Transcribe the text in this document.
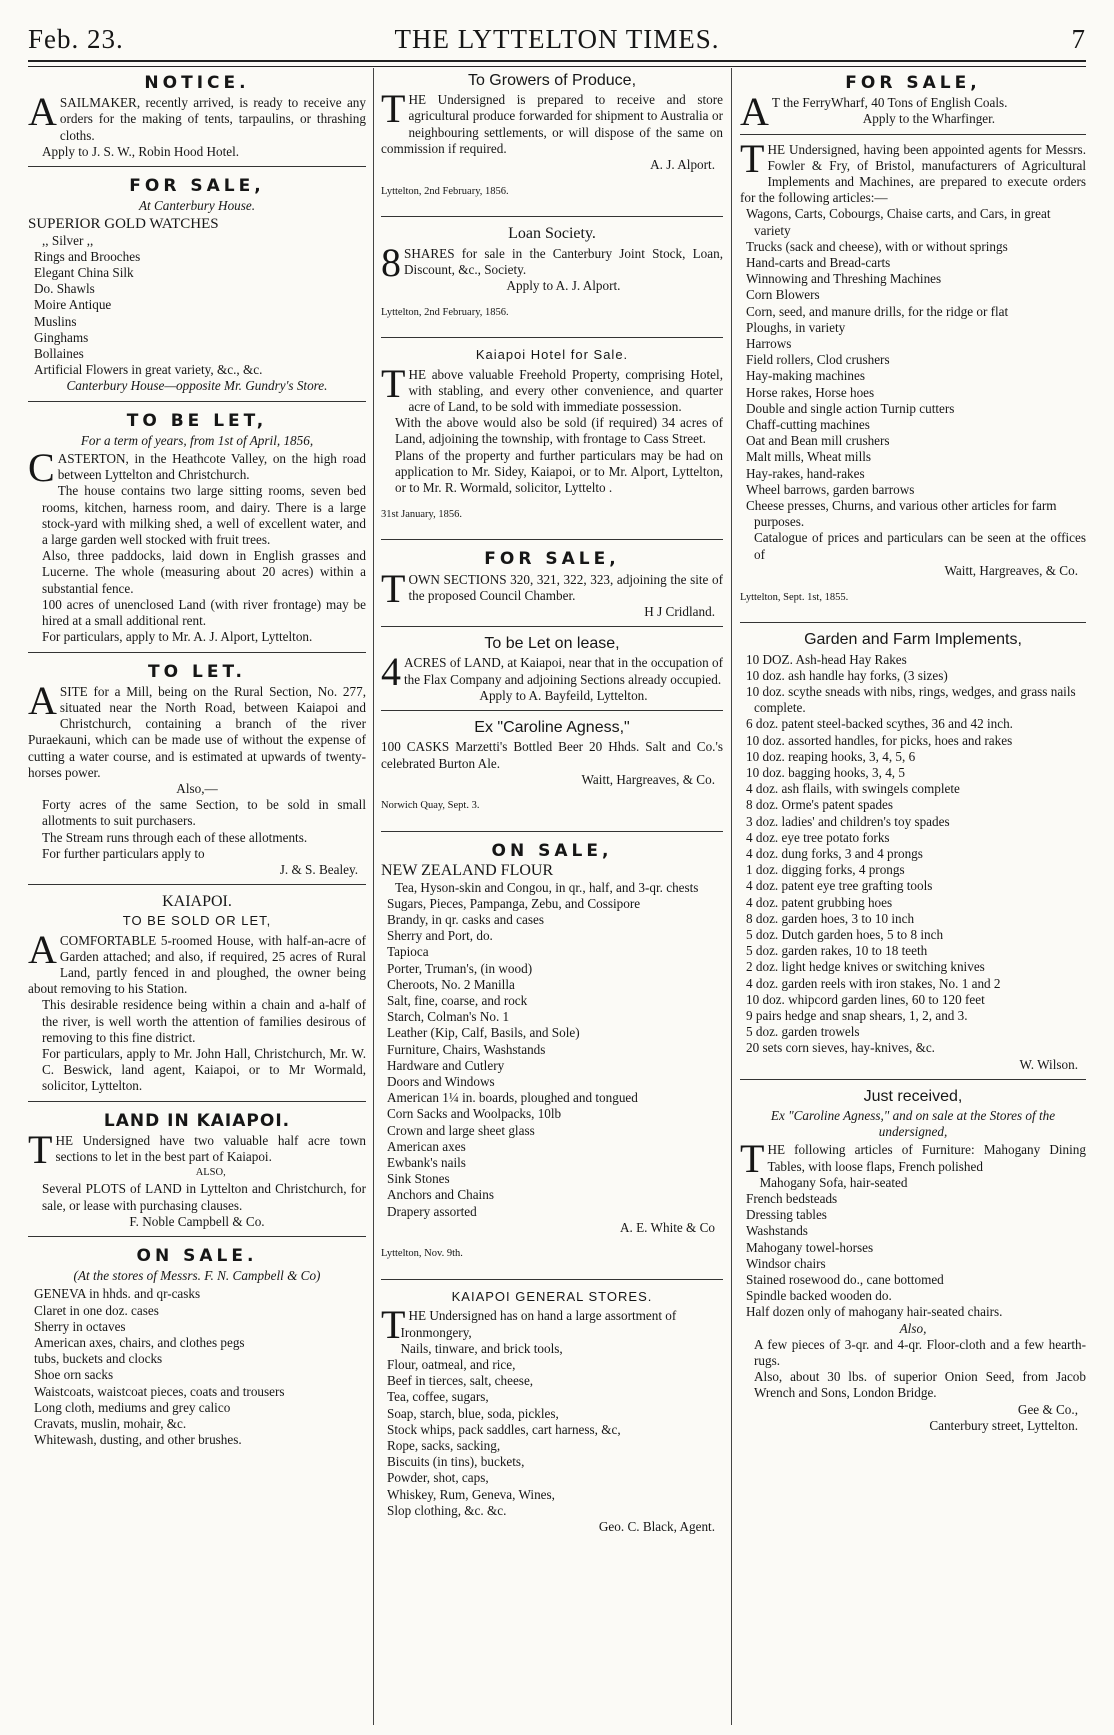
Feb. 23.	THE LYTTELTON TIMES.	7
NOTICE.

ASAILMAKER, recently arrived, is ready to receive any orders for the making of tents, tarpaulins, or thrashing cloths.

Apply to J. S. W., Robin Hood Hotel.

FOR SALE,
At Canterbury House.
SUPERIOR GOLD WATCHES
,, Silver ,,
Rings and Brooches
Elegant China Silk
Do. Shawls
Moire Antique
Muslins
Ginghams
Bollaines
Artificial Flowers in great variety, &c., &c.

Canterbury House—opposite Mr. Gundry's Store.

TO BE LET,
For a term of years, from 1st of April, 1856,

CASTERTON, in the Heathcote Valley, on the high road between Lyttelton and Christchurch.

The house contains two large sitting rooms, seven bed rooms, kitchen, harness room, and dairy. There is a large stock-yard with milking shed, a well of excellent water, and a large garden well stocked with fruit trees.

Also, three paddocks, laid down in English grasses and Lucerne. The whole (measuring about 20 acres) within a substantial fence.

100 acres of unenclosed Land (with river frontage) may be hired at a small additional rent.

For particulars, apply to Mr. A. J. Alport, Lyttelton.

TO LET.

ASITE for a Mill, being on the Rural Section, No. 277, situated near the North Road, between Kaiapoi and Christchurch, containing a branch of the river Puraekauni, which can be made use of without the expense of cutting a water course, and is estimated at upwards of twenty-horses power.

Also,—

Forty acres of the same Section, to be sold in small allotments to suit purchasers.

The Stream runs through each of these allotments.

For further particulars apply to

J. & S. Bealey.

KAIAPOI.
TO BE SOLD OR LET,

ACOMFORTABLE 5-roomed House, with half-an-acre of Garden attached; and also, if required, 25 acres of Rural Land, partly fenced in and ploughed, the owner being about removing to his Station.

This desirable residence being within a chain and a-half of the river, is well worth the attention of families desirous of removing to this fine district.

For particulars, apply to Mr. John Hall, Christchurch, Mr. W. C. Beswick, land agent, Kaiapoi, or to Mr Wormald, solicitor, Lyttelton.

LAND IN KAIAPOI.

THE Undersigned have two valuable half acre town sections to let in the best part of Kaiapoi.

ALSO,

Several PLOTS of LAND in Lyttelton and Christchurch, for sale, or lease with purchasing clauses.

F. Noble Campbell & Co.

ON SALE.
(At the stores of Messrs. F. N. Campbell & Co)
GENEVA in hhds. and qr-casks
Claret in one doz. cases
Sherry in octaves
American axes, chairs, and clothes pegs
tubs, buckets and clocks
Shoe orn sacks
Waistcoats, waistcoat pieces, coats and trousers
Long cloth, mediums and grey calico
Cravats, muslin, mohair, &c.
Whitewash, dusting, and other brushes.
To Growers of Produce,

THE Undersigned is prepared to receive and store agricultural produce forwarded for shipment to Australia or neighbouring settlements, or will dispose of the same on commission if required.

A. J. Alport.

Lyttelton, 2nd February, 1856.

Loan Society.

8SHARES for sale in the Canterbury Joint Stock, Loan, Discount, &c., Society.

Apply to A. J. Alport.

Lyttelton, 2nd February, 1856.

Kaiapoi Hotel for Sale.

THE above valuable Freehold Property, comprising Hotel, with stabling, and every other convenience, and quarter acre of Land, to be sold with immediate possession.

With the above would also be sold (if required) 34 acres of Land, adjoining the township, with frontage to Cass Street.

Plans of the property and further particulars may be had on application to Mr. Sidey, Kaiapoi, or to Mr. Alport, Lyttelton, or to Mr. R. Wormald, solicitor, Lyttelto .

31st January, 1856.

FOR SALE,

TOWN SECTIONS 320, 321, 322, 323, adjoining the site of the proposed Council Chamber.

H J Cridland.

To be Let on lease,

4ACRES of LAND, at Kaiapoi, near that in the occupation of the Flax Company and adjoining Sections already occupied.

Apply to A. Bayfeild, Lyttelton.

Ex "Caroline Agness,"

100 CASKS Marzetti's Bottled Beer 20 Hhds. Salt and Co.'s celebrated Burton Ale.

Waitt, Hargreaves, & Co.

Norwich Quay, Sept. 3.

ON SALE,
NEW ZEALAND FLOUR
Tea, Hyson-skin and Congou, in qr., half, and 3-qr. chests
Sugars, Pieces, Pampanga, Zebu, and Cossipore
Brandy, in qr. casks and cases
Sherry and Port, do.
Tapioca
Porter, Truman's, (in wood)
Cheroots, No. 2 Manilla
Salt, fine, coarse, and rock
Starch, Colman's No. 1
Leather (Kip, Calf, Basils, and Sole)
Furniture, Chairs, Washstands
Hardware and Cutlery
Doors and Windows
American 1¼ in. boards, ploughed and tongued
Corn Sacks and Woolpacks, 10lb
Crown and large sheet glass
American axes
Ewbank's nails
Sink Stones
Anchors and Chains
Drapery assorted

A. E. White & Co

Lyttelton, Nov. 9th.

KAIAPOI GENERAL STORES.

THE Undersigned has on hand a large assortment of

Ironmongery,
Nails, tinware, and brick tools,
Flour, oatmeal, and rice,
Beef in tierces, salt, cheese,
Tea, coffee, sugars,
Soap, starch, blue, soda, pickles,
Stock whips, pack saddles, cart harness, &c,
Rope, sacks, sacking,
Biscuits (in tins), buckets,
Powder, shot, caps,
Whiskey, Rum, Geneva, Wines,
Slop clothing, &c. &c.

Geo. C. Black, Agent.

FOR SALE,

AT the FerryWharf, 40 Tons of English Coals.

Apply to the Wharfinger.

THE Undersigned, having been appointed agents for Messrs. Fowler & Fry, of Bristol, manufacturers of Agricultural Implements and Machines, are prepared to execute orders for the following articles:—

Wagons, Carts, Cobourgs, Chaise carts, and Cars, in great variety
Trucks (sack and cheese), with or without springs
Hand-carts and Bread-carts
Winnowing and Threshing Machines
Corn Blowers
Corn, seed, and manure drills, for the ridge or flat
Ploughs, in variety
Harrows
Field rollers, Clod crushers
Hay-making machines
Horse rakes, Horse hoes
Double and single action Turnip cutters
Chaff-cutting machines
Oat and Bean mill crushers
Malt mills, Wheat mills
Hay-rakes, hand-rakes
Wheel barrows, garden barrows
Cheese presses, Churns, and various other articles for farm purposes.

Catalogue of prices and particulars can be seen at the offices of

Waitt, Hargreaves, & Co.

Lyttelton, Sept. 1st, 1855.

Garden and Farm Implements,
10 DOZ. Ash-head Hay Rakes
10 doz. ash handle hay forks, (3 sizes)
10 doz. scythe sneads with nibs, rings, wedges, and grass nails complete.
6 doz. patent steel-backed scythes, 36 and 42 inch.
10 doz. assorted handles, for picks, hoes and rakes
10 doz. reaping hooks, 3, 4, 5, 6
10 doz. bagging hooks, 3, 4, 5
4 doz. ash flails, with swingels complete
8 doz. Orme's patent spades
3 doz. ladies' and children's toy spades
4 doz. eye tree potato forks
4 doz. dung forks, 3 and 4 prongs
1 doz. digging forks, 4 prongs
4 doz. patent eye tree grafting tools
4 doz. patent grubbing hoes
8 doz. garden hoes, 3 to 10 inch
5 doz. Dutch garden hoes, 5 to 8 inch
5 doz. garden rakes, 10 to 18 teeth
2 doz. light hedge knives or switching knives
4 doz. garden reels with iron stakes, No. 1 and 2
10 doz. whipcord garden lines, 60 to 120 feet
9 pairs hedge and snap shears, 1, 2, and 3.
5 doz. garden trowels
20 sets corn sieves, hay-knives, &c.

W. Wilson.

Just received,
Ex "Caroline Agness," and on sale at the Stores of the undersigned,

THE following articles of Furniture: Mahogany Dining Tables, with loose flaps, French polished

Mahogany Sofa, hair-seated
French bedsteads
Dressing tables
Washstands
Mahogany towel-horses
Windsor chairs
Stained rosewood do., cane bottomed
Spindle backed wooden do.
Half dozen only of mahogany hair-seated chairs.

Also,

A few pieces of 3-qr. and 4-qr. Floor-cloth and a few hearth-rugs.

Also, about 30 lbs. of superior Onion Seed, from Jacob Wrench and Sons, London Bridge.

Gee & Co.,

Canterbury street, Lyttelton.
